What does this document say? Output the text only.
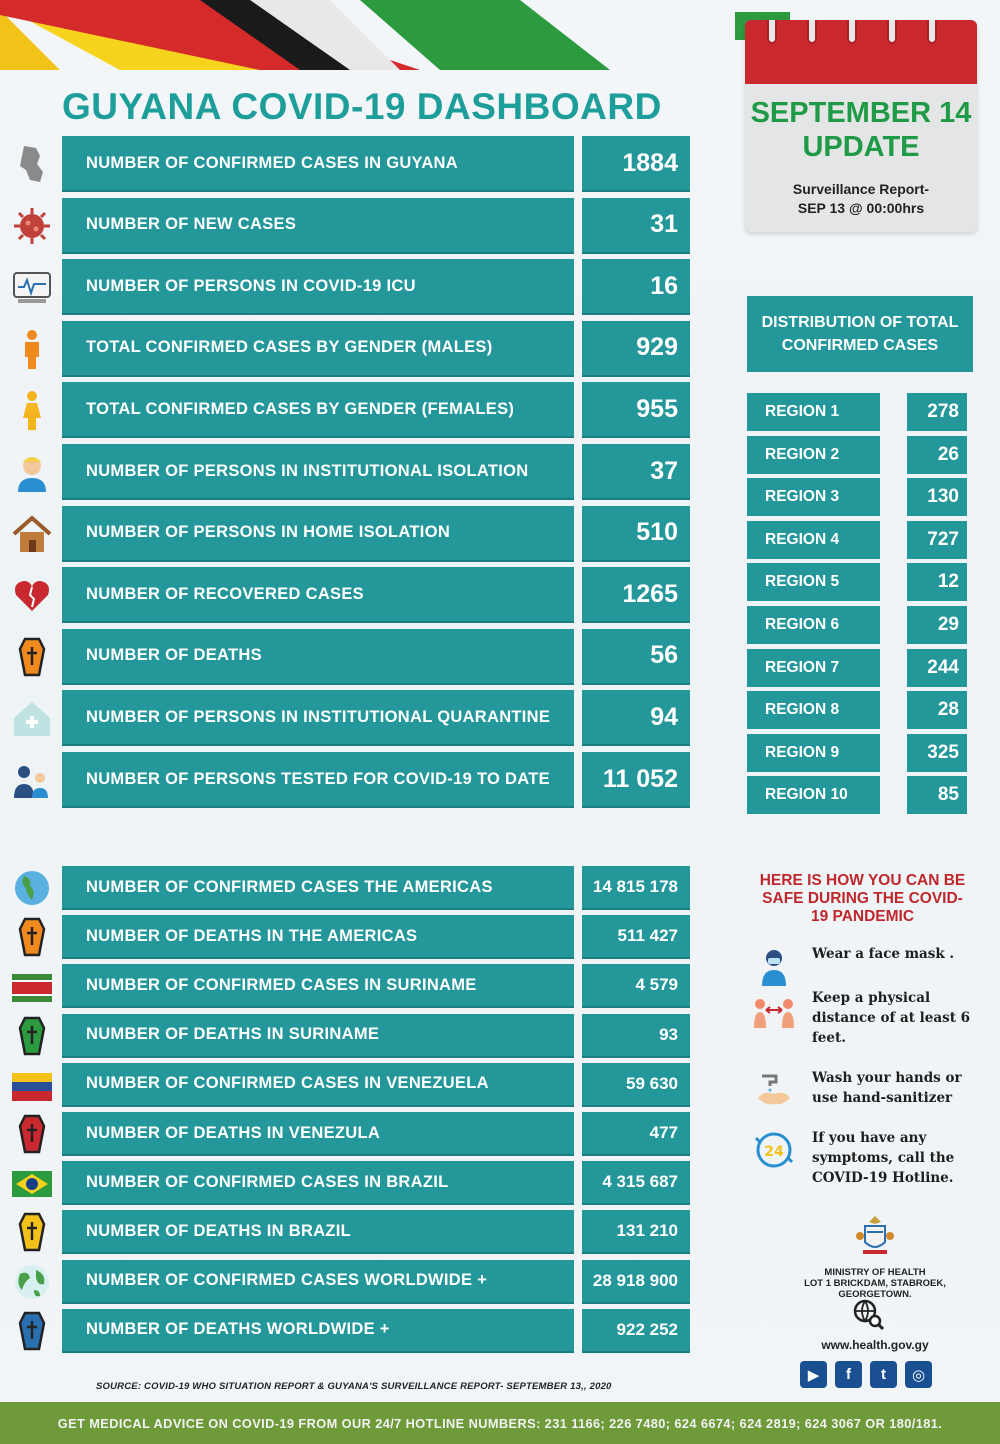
GUYANA COVID-19 DASHBOARD	SEPTEMBER 14
UPDATE
Surveillance Report-
SEP 13 @ 00:00hrs
NUMBER OF CONFIRMED CASES IN GUYANA	1884
NUMBER OF NEW CASES	31
NUMBER OF PERSONS IN COVID-19 ICU	16
TOTAL CONFIRMED CASES BY GENDER (MALES)	929
TOTAL CONFIRMED CASES BY GENDER (FEMALES)	955
NUMBER OF PERSONS IN INSTITUTIONAL ISOLATION	37
NUMBER OF PERSONS IN HOME ISOLATION	510
NUMBER OF RECOVERED CASES	1265
NUMBER OF DEATHS	56
NUMBER OF PERSONS IN INSTITUTIONAL QUARANTINE	94
NUMBER OF PERSONS TESTED FOR COVID-19 TO DATE	11 052
DISTRIBUTION OF TOTAL
CONFIRMED CASES
REGION 1	278
REGION 2	26
REGION 3	130
REGION 4	727
REGION 5	12
REGION 6	29
REGION 7	244
REGION 8	28
REGION 9	325
REGION 10	85
NUMBER OF CONFIRMED CASES THE AMERICAS	14 815 178
NUMBER OF DEATHS IN THE AMERICAS	511 427
NUMBER OF CONFIRMED CASES IN SURINAME	4 579
NUMBER OF DEATHS IN SURINAME	93
NUMBER OF CONFIRMED CASES IN VENEZUELA	59 630
NUMBER OF DEATHS IN VENEZULA	477
NUMBER OF CONFIRMED CASES IN BRAZIL	4 315 687
NUMBER OF DEATHS IN BRAZIL	131 210
NUMBER OF CONFIRMED CASES WORLDWIDE +	28 918 900
NUMBER OF DEATHS WORLDWIDE +	922 252
HERE IS HOW YOU CAN BE
SAFE DURING THE COVID-
19 PANDEMIC
Wear a face mask .
Keep a physical distance of at least 6 feet.
Wash your hands or use hand-sanitizer
24
If you have any symptoms, call the COVID-19 Hotline.
MINISTRY OF HEALTH
LOT 1 BRICKDAM, STABROEK,
GEORGETOWN.
www.health.gov.gy
▶	f	t	◎
SOURCE: COVID-19 WHO SITUATION REPORT & GUYANA'S SURVEILLANCE REPORT- SEPTEMBER 13,, 2020
GET MEDICAL ADVICE ON COVID-19 FROM OUR 24/7 HOTLINE NUMBERS: 231 1166; 226 7480; 624 6674; 624 2819; 624 3067 OR 180/181.
